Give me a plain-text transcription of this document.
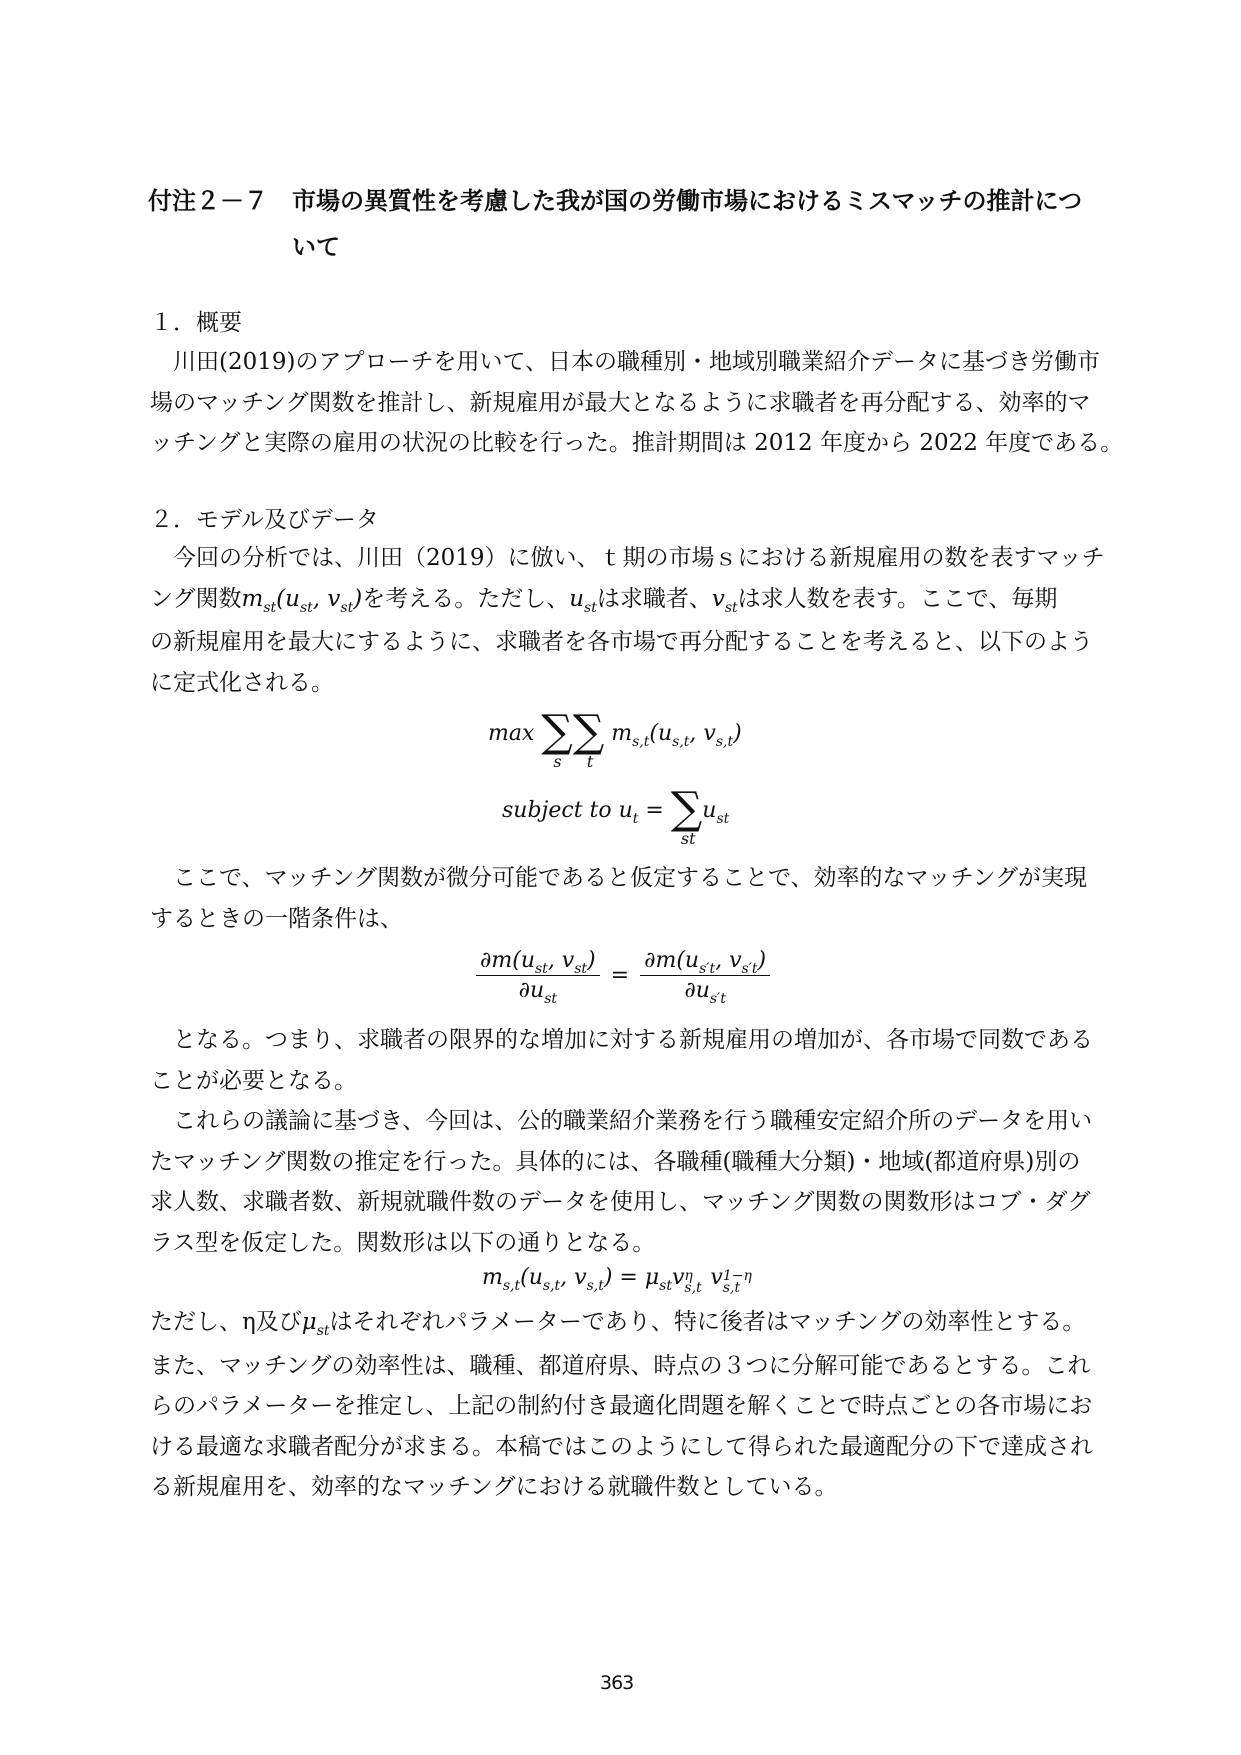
付注２－７	市場の異質性を考慮した我が国の労働市場におけるミスマッチの推計につ
いて
１．概要
川田(2019)のアプローチを用いて、日本の職種別・地域別職業紹介データに基づき労働市
場のマッチング関数を推計し、新規雇用が最大となるように求職者を再分配する、効率的マ
ッチングと実際の雇用の状況の比較を行った。推計期間は 2012 年度から 2022 年度である。
２．モデル及びデータ
今回の分析では、川田（2019）に倣い、ｔ期の市場ｓにおける新規雇用の数を表すマッチ
ング関数$m_{st}(u_{st}$, $v_{st}$)を考える。ただし、$u_{st}$は求職者、$v_{st}$は求人数を表す。ここで、毎期
の新規雇用を最大にするように、求職者を各市場で再分配することを考えると、以下のよう
に定式化される。
max ∑
s
∑
t
$m_{s,t}(u_{s,t}$, $v_{s,t}$)
subject to $u_t$ = ∑
st
$u_{st}$
ここで、マッチング関数が微分可能であると仮定することで、効率的なマッチングが実現
するときの一階条件は、
$\frac{\partial m(u_{st}, v_{st})}{\partial u_{st}} = \frac{\partial m(u_{s't}, v_{s't})}{\partial u_{s't}}$
となる。つまり、求職者の限界的な増加に対する新規雇用の増加が、各市場で同数である
ことが必要となる。
これらの議論に基づき、今回は、公的職業紹介業務を行う職種安定紹介所のデータを用い
たマッチング関数の推定を行った。具体的には、各職種(職種大分類)・地域(都道府県)別の
求人数、求職者数、新規就職件数のデータを使用し、マッチング関数の関数形はコブ・ダグ
ラス型を仮定した。関数形は以下の通りとなる。
$m_{s,t}(u_{s,t}$, $v_{s,t}) = \mu_{st}v$ η
s,t v 1−η
s,t
ただし、η及び$\mu_{st}$はそれぞれパラメーターであり、特に後者はマッチングの効率性とする。
また、マッチングの効率性は、職種、都道府県、時点の３つに分解可能であるとする。これ
らのパラメーターを推定し、上記の制約付き最適化問題を解くことで時点ごとの各市場にお
ける最適な求職者配分が求まる。本稿ではこのようにして得られた最適配分の下で達成され
る新規雇用を、効率的なマッチングにおける就職件数としている。
363
